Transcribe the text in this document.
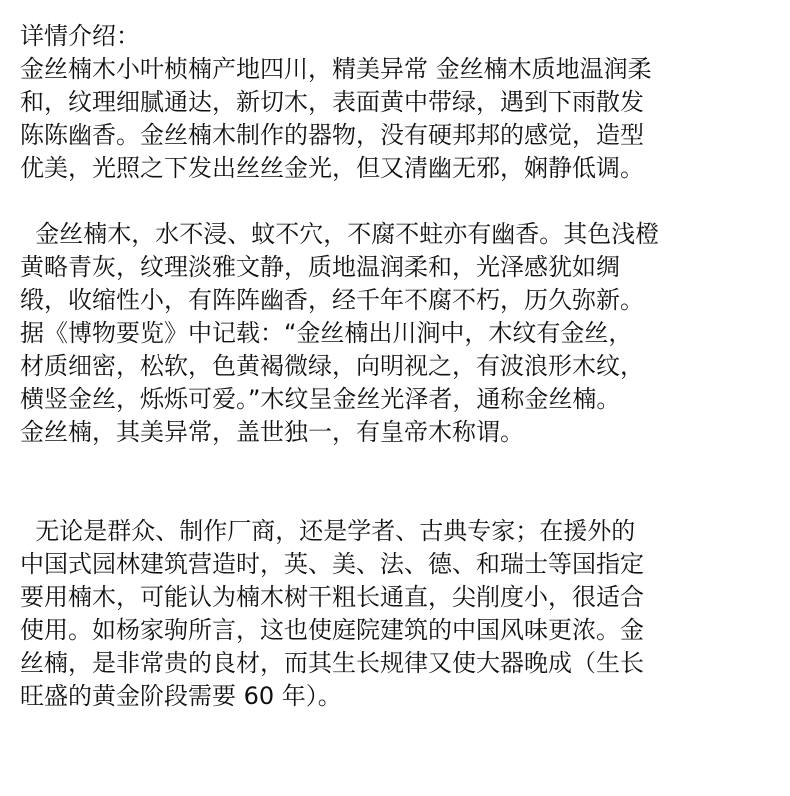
详情介绍：
金丝楠木小叶桢楠产地四川，精美异常 金丝楠木质地温润柔
和，纹理细腻通达，新切木，表面黄中带绿，遇到下雨散发
陈陈幽香。金丝楠木制作的器物，没有硬邦邦的感觉，造型
优美，光照之下发出丝丝金光，但又清幽无邪，娴静低调。
金丝楠木，水不浸、蚊不穴，不腐不蛀亦有幽香。其色浅橙
黄略青灰，纹理淡雅文静，质地温润柔和，光泽感犹如绸
缎，收缩性小，有阵阵幽香，经千年不腐不朽，历久弥新。
据《博物要览》中记载：“金丝楠出川涧中，木纹有金丝，
材质细密，松软，色黄褐微绿，向明视之，有波浪形木纹，
横竖金丝，烁烁可爱。”木纹呈金丝光泽者，通称金丝楠。
金丝楠，其美异常，盖世独一，有皇帝木称谓。
无论是群众、制作厂商，还是学者、古典专家；在援外的
中国式园林建筑营造时，英、美、法、德、和瑞士等国指定
要用楠木，可能认为楠木树干粗长通直，尖削度小，很适合
使用。如杨家驹所言，这也使庭院建筑的中国风味更浓。金
丝楠，是非常贵的良材，而其生长规律又使大器晚成（生长
旺盛的黄金阶段需要 60 年）。
